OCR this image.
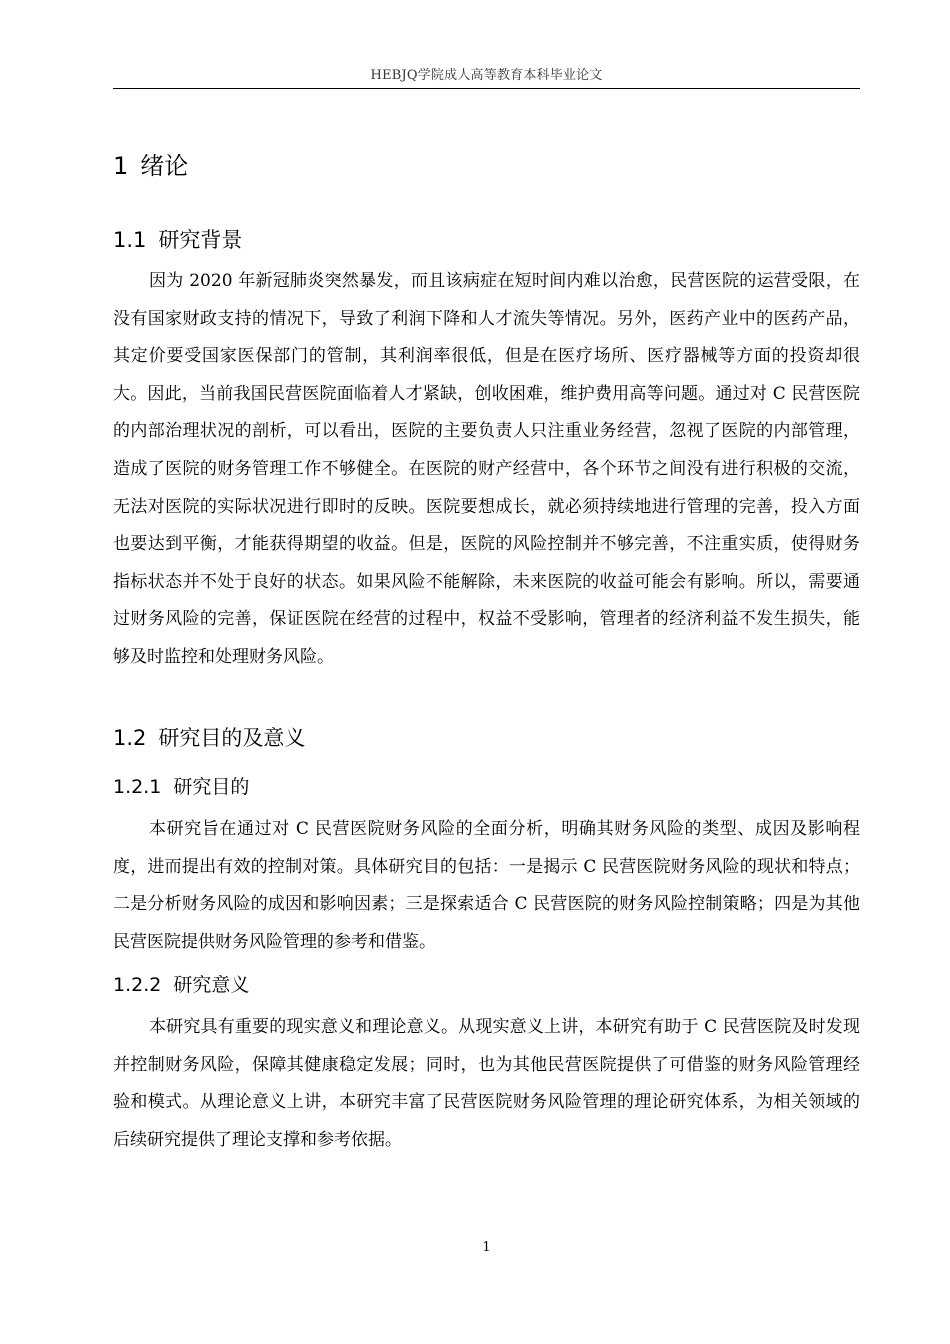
HEBJQ学院成人高等教育本科毕业论文
1 绪论
1.1 研究背景

因为 2020 年新冠肺炎突然暴发，而且该病症在短时间内难以治愈，民营医院的运营受限，在没有国家财政支持的情况下，导致了利润下降和人才流失等情况。另外，医药产业中的医药产品，其定价要受国家医保部门的管制，其利润率很低，但是在医疗场所、医疗器械等方面的投资却很大。因此，当前我国民营医院面临着人才紧缺，创收困难，维护费用高等问题。通过对 C 民营医院的内部治理状况的剖析，可以看出，医院的主要负责人只注重业务经营，忽视了医院的内部管理，造成了医院的财务管理工作不够健全。在医院的财产经营中，各个环节之间没有进行积极的交流，无法对医院的实际状况进行即时的反映。医院要想成长，就必须持续地进行管理的完善，投入方面也要达到平衡，才能获得期望的收益。但是，医院的风险控制并不够完善，不注重实质，使得财务指标状态并不处于良好的状态。如果风险不能解除，未来医院的收益可能会有影响。所以，需要通过财务风险的完善，保证医院在经营的过程中，权益不受影响，管理者的经济利益不发生损失，能够及时监控和处理财务风险。

1.2 研究目的及意义
1.2.1 研究目的

本研究旨在通过对 C 民营医院财务风险的全面分析，明确其财务风险的类型、成因及影响程度，进而提出有效的控制对策。具体研究目的包括：一是揭示 C 民营医院财务风险的现状和特点；二是分析财务风险的成因和影响因素；三是探索适合 C 民营医院的财务风险控制策略；四是为其他民营医院提供财务风险管理的参考和借鉴。

1.2.2 研究意义

本研究具有重要的现实意义和理论意义。从现实意义上讲，本研究有助于 C 民营医院及时发现并控制财务风险，保障其健康稳定发展；同时，也为其他民营医院提供了可借鉴的财务风险管理经验和模式。从理论意义上讲，本研究丰富了民营医院财务风险管理的理论研究体系，为相关领域的后续研究提供了理论支撑和参考依据。

1
